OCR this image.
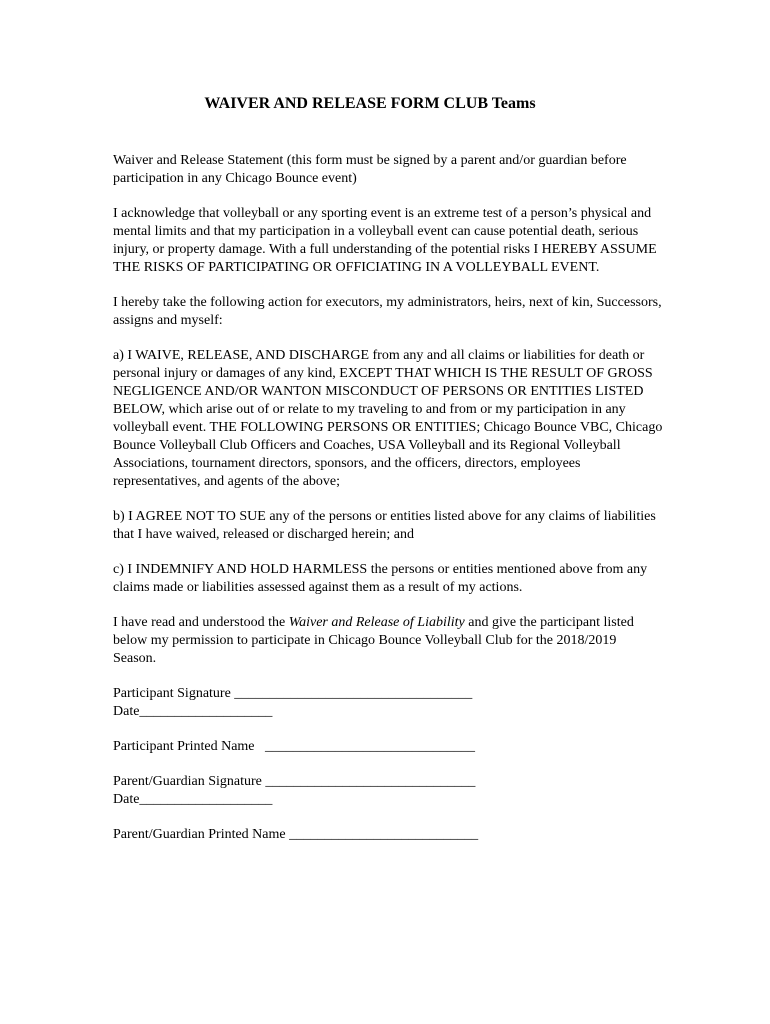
WAIVER AND RELEASE FORM CLUB Teams

Waiver and Release Statement (this form must be signed by a parent and/or guardian before participation in any Chicago Bounce event)

I acknowledge that volleyball or any sporting event is an extreme test of a person’s physical and mental limits and that my participation in a volleyball event can cause potential death, serious injury, or property damage. With a full understanding of the potential risks I HEREBY ASSUME THE RISKS OF PARTICIPATING OR OFFICIATING IN A VOLLEYBALL EVENT.

I hereby take the following action for executors, my administrators, heirs, next of kin, Successors, assigns and myself:

a) I WAIVE, RELEASE, AND DISCHARGE from any and all claims or liabilities for death or personal injury or damages of any kind, EXCEPT THAT WHICH IS THE RESULT OF GROSS NEGLIGENCE AND/OR WANTON MISCONDUCT OF PERSONS OR ENTITIES LISTED BELOW, which arise out of or relate to my traveling to and from or my participation in any volleyball event. THE FOLLOWING PERSONS OR ENTITIES; Chicago Bounce VBC, Chicago Bounce Volleyball Club Officers and Coaches, USA Volleyball and its Regional Volleyball Associations, tournament directors, sponsors, and the officers, directors, employees representatives, and agents of the above;

b) I AGREE NOT TO SUE any of the persons or entities listed above for any claims of liabilities that I have waived, released or discharged herein; and

c) I INDEMNIFY AND HOLD HARMLESS the persons or entities mentioned above from any claims made or liabilities assessed against them as a result of my actions.

I have read and understood the Waiver and Release of Liability and give the participant listed below my permission to participate in Chicago Bounce Volleyball Club for the 2018/2019 Season.

Participant Signature __________________________________
Date___________________
Participant Printed Name   ______________________________
Parent/Guardian Signature ______________________________
Date___________________
Parent/Guardian Printed Name ___________________________
